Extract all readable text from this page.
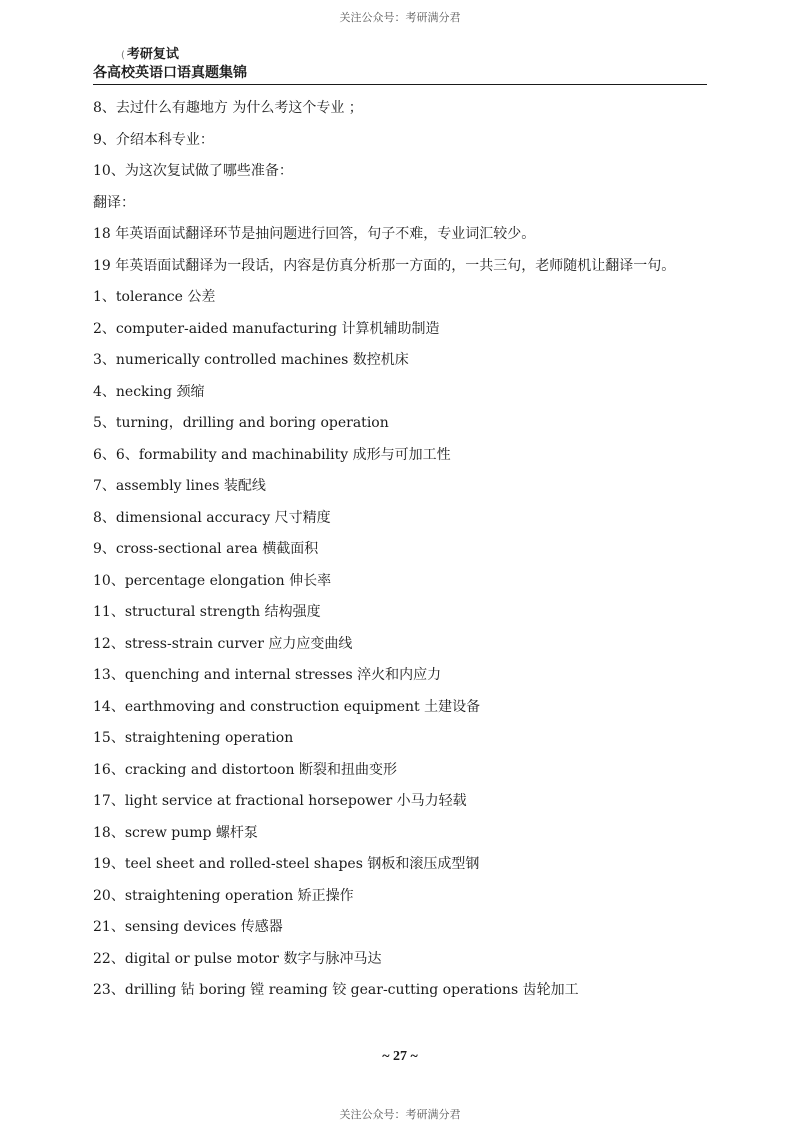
关注公众号：考研满分君
( 考研复试
各高校英语口语真题集锦
8、去过什么有趣地方 为什么考这个专业 ；
9、介绍本科专业：
10、为这次复试做了哪些准备：
翻译：
18 年英语面试翻译环节是抽问题进行回答，句子不难，专业词汇较少。
19 年英语面试翻译为一段话，内容是仿真分析那一方面的，一共三句，老师随机让翻译一句。
1、tolerance 公差
2、computer-aided manufacturing 计算机辅助制造
3、numerically controlled machines 数控机床
4、necking 颈缩
5、turning，drilling and boring operation
6、6、formability and machinability 成形与可加工性
7、assembly lines 装配线
8、dimensional accuracy 尺寸精度
9、cross-sectional area 横截面积
10、percentage elongation 伸长率
11、structural strength 结构强度
12、stress-strain curver 应力应变曲线
13、quenching and internal stresses 淬火和内应力
14、earthmoving and construction equipment 土建设备
15、straightening operation
16、cracking and distortoon 断裂和扭曲变形
17、light service at fractional horsepower 小马力轻载
18、screw pump 螺杆泵
19、teel sheet and rolled-steel shapes 钢板和滚压成型钢
20、straightening operation 矫正操作
21、sensing devices 传感器
22、digital or pulse motor 数字与脉冲马达
23、drilling 钻 boring 镗 reaming 铰 gear-cutting operations 齿轮加工
~ 27 ~
关注公众号：考研满分君
